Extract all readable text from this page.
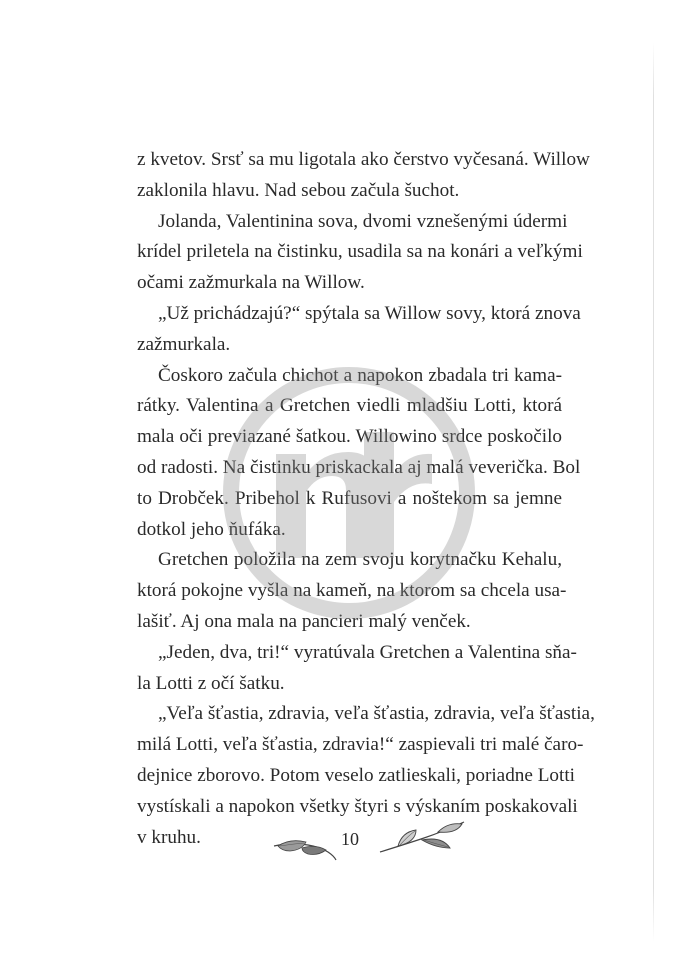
z kvetov. Srsť sa mu ligotala ako čerstvo vyčesaná. Willow
zaklonila hlavu. Nad sebou začula šuchot.
Jolanda, Valentinina sova, dvomi vznešenými údermi
krídel priletela na čistinku, usadila sa na konári a veľkými
očami zažmurkala na Willow.
„Už prichádzajú?“ spýtala sa Willow sovy, ktorá znova
zažmurkala.
Čoskoro začula chichot a napokon zbadala tri kama-
rátky. Valentina a Gretchen viedli mladšiu Lotti, ktorá
mala oči previazané šatkou. Willowino srdce poskočilo
od radosti. Na čistinku priskackala aj malá veverička. Bol
to Drobček. Pribehol k Rufusovi a noštekom sa jemne
dotkol jeho ňufáka.
Gretchen položila na zem svoju korytnačku Kehalu,
ktorá pokojne vyšla na kameň, na ktorom sa chcela usa-
lašiť. Aj ona mala na pancieri malý venček.
„Jeden, dva, tri!“ vyratúvala Gretchen a Valentina sňa-
la Lotti z očí šatku.
„Veľa šťastia, zdravia, veľa šťastia, zdravia, veľa šťastia,
milá Lotti, veľa šťastia, zdravia!“ zaspievali tri malé čaro-
dejnice zborovo. Potom veselo zatlieskali, poriadne Lotti
vystískali a napokon všetky štyri s výskaním poskakovali
v kruhu.	10
